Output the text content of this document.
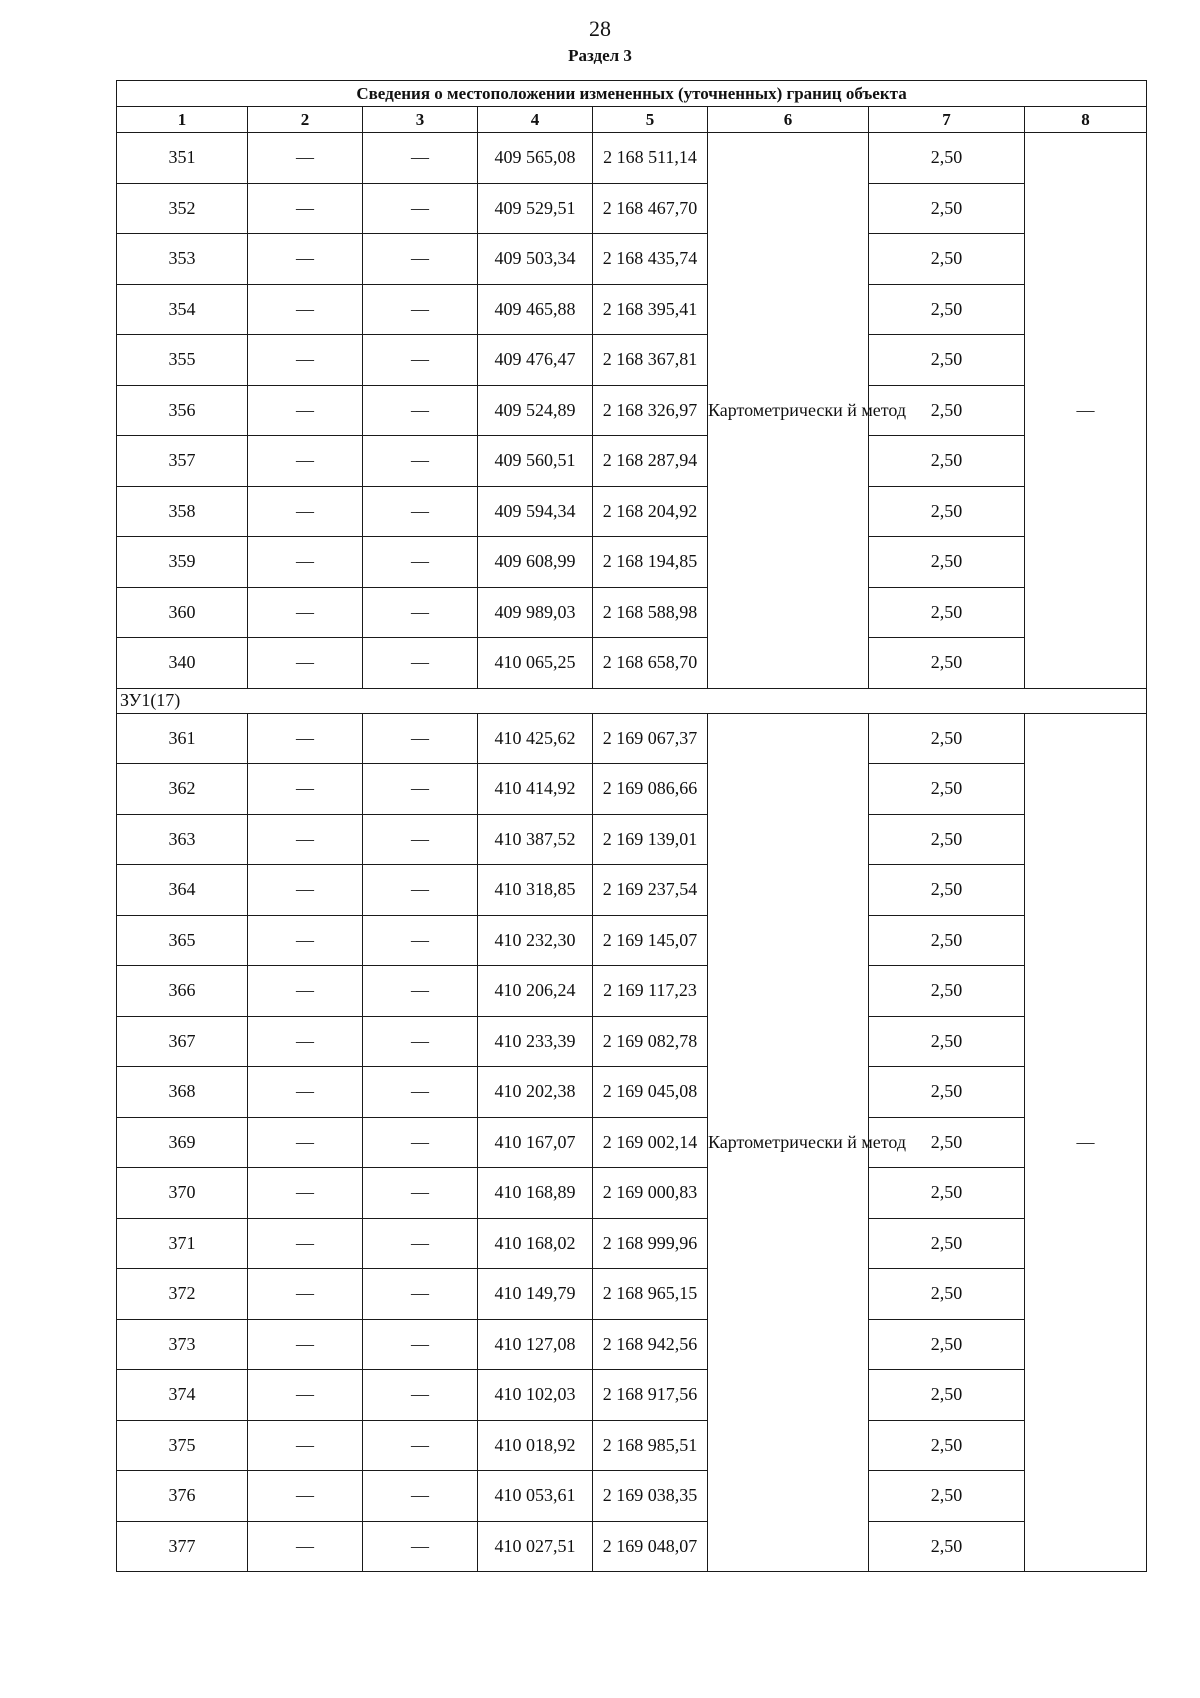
28
Раздел 3
Сведения о местоположении измененных (уточненных) границ объекта							
1	2	3	4	5	6	7	8
351	—	—	409 565,08	2 168 511,14	Картометрически й метод	2,50	—
352	—	—	409 529,51	2 168 467,70		2,50	
353	—	—	409 503,34	2 168 435,74		2,50	
354	—	—	409 465,88	2 168 395,41		2,50	
355	—	—	409 476,47	2 168 367,81		2,50	
356	—	—	409 524,89	2 168 326,97		2,50	
357	—	—	409 560,51	2 168 287,94		2,50	
358	—	—	409 594,34	2 168 204,92		2,50	
359	—	—	409 608,99	2 168 194,85		2,50	
360	—	—	409 989,03	2 168 588,98		2,50	
340	—	—	410 065,25	2 168 658,70		2,50	
ЗУ1(17)							
361	—	—	410 425,62	2 169 067,37	Картометрически й метод	2,50	—
362	—	—	410 414,92	2 169 086,66		2,50	
363	—	—	410 387,52	2 169 139,01		2,50	
364	—	—	410 318,85	2 169 237,54		2,50	
365	—	—	410 232,30	2 169 145,07		2,50	
366	—	—	410 206,24	2 169 117,23		2,50	
367	—	—	410 233,39	2 169 082,78		2,50	
368	—	—	410 202,38	2 169 045,08		2,50	
369	—	—	410 167,07	2 169 002,14		2,50	
370	—	—	410 168,89	2 169 000,83		2,50	
371	—	—	410 168,02	2 168 999,96		2,50	
372	—	—	410 149,79	2 168 965,15		2,50	
373	—	—	410 127,08	2 168 942,56		2,50	
374	—	—	410 102,03	2 168 917,56		2,50	
375	—	—	410 018,92	2 168 985,51		2,50	
376	—	—	410 053,61	2 169 038,35		2,50	
377	—	—	410 027,51	2 169 048,07		2,50	
